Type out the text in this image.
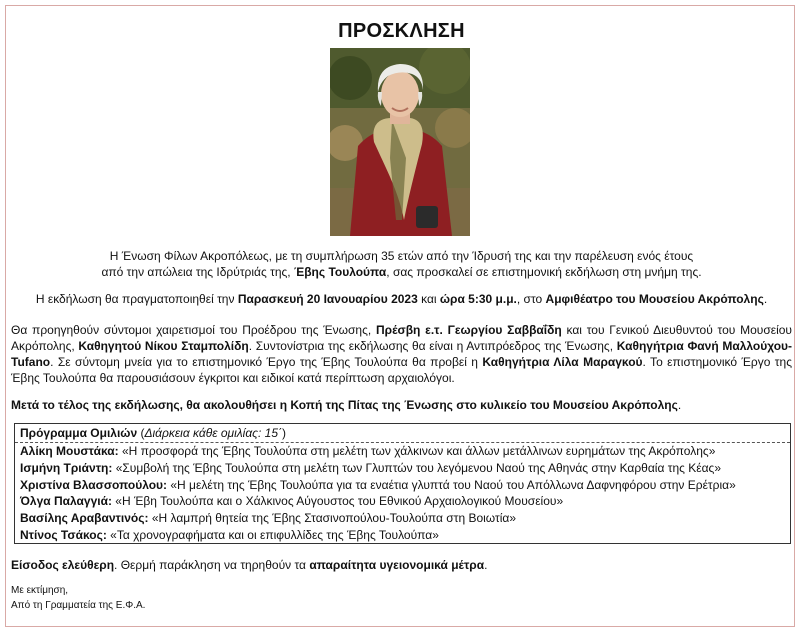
ΠΡΟΣΚΛΗΣΗ
Η Ένωση Φίλων Ακροπόλεως, με τη συμπλήρωση 35 ετών από την Ίδρυσή της και την παρέλευση ενός έτους
από την απώλεια της Ιδρύτριάς της, Έβης Τουλούπα, σας προσκαλεί σε επιστημονική εκδήλωση στη μνήμη της.
Η εκδήλωση θα πραγματοποιηθεί την Παρασκευή 20 Ιανουαρίου 2023 και ώρα 5:30 μ.μ., στο Αμφιθέατρο του Μουσείου Ακρόπολης.
Θα προηγηθούν σύντομοι χαιρετισμοί του Προέδρου της Ένωσης, Πρέσβη ε.τ. Γεωργίου Σαββαΐδη και του Γενικού Διευθυντού του Μουσείου Ακρόπολης, Καθηγητού Νίκου Σταμπολίδη. Συντονίστρια της εκδήλωσης θα είναι η Αντιπρόεδρος της Ένωσης, Καθηγήτρια Φανή Μαλλούχου-Tufano. Σε σύντομη μνεία για το επιστημονικό Έργο της Έβης Τουλούπα θα προβεί η Καθηγήτρια Λίλα Μαραγκού. Το επιστημονικό Έργο της Έβης Τουλούπα θα παρουσιάσουν έγκριτοι και ειδικοί κατά περίπτωση αρχαιολόγοι.
Μετά το τέλος της εκδήλωσης, θα ακολουθήσει η Κοπή της Πίτας της Ένωσης στο κυλικείο του Μουσείου Ακρόπολης.
Πρόγραμμα Ομιλιών (Διάρκεια κάθε ομιλίας: 15΄)
Αλίκη Μουστάκα: «Η προσφορά της Έβης Τουλούπα στη μελέτη των χάλκινων και άλλων μετάλλινων ευρημάτων της Ακρόπολης»
Ισμήνη Τριάντη: «Συμβολή της Έβης Τουλούπα στη μελέτη των Γλυπτών του λεγόμενου Ναού της Αθηνάς στην Καρθαία της Κέας»
Χριστίνα Βλασσοπούλου: «Η μελέτη της Έβης Τουλούπα για τα εναέτια γλυπτά του Ναού του Απόλλωνα Δαφνηφόρου στην Ερέτρια»
Όλγα Παλαγγιά: «Η Έβη Τουλούπα και ο Χάλκινος Αύγουστος του Εθνικού Αρχαιολογικού Μουσείου»
Βασίλης Αραβαντινός: «Η λαμπρή θητεία της Έβης Στασινοπούλου-Τουλούπα στη Βοιωτία»
Ντίνος Τσάκος: «Τα χρονογραφήματα και οι επιφυλλίδες της Έβης Τουλούπα»
Είσοδος ελεύθερη. Θερμή παράκληση να τηρηθούν τα απαραίτητα υγειονομικά μέτρα.
Με εκτίμηση,
Από τη Γραμματεία της Ε.Φ.Α.
